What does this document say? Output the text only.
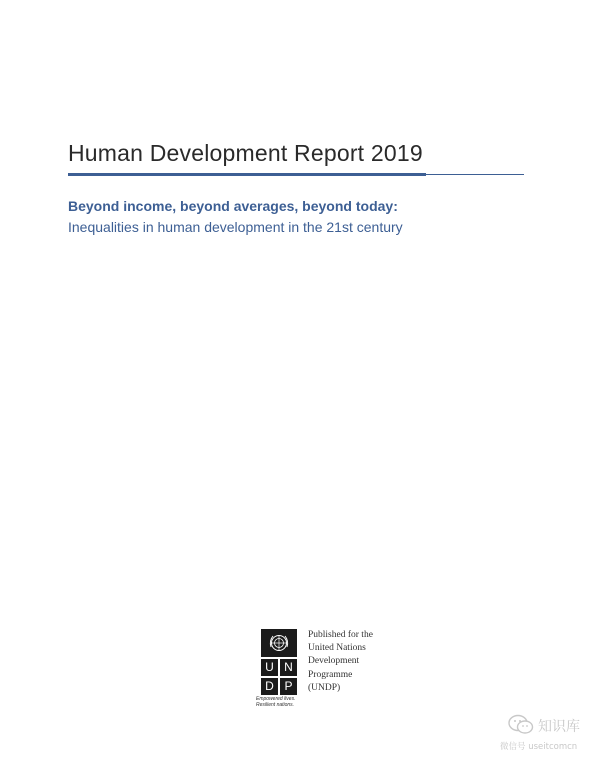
Human Development Report 2019
Beyond income, beyond averages, beyond today:
Inequalities in human development in the 21st century
U N
D P
Empowered lives.
Resilient nations.
Published for the
United Nations
Development
Programme
(UNDP)
知识库
微信号 useitcomcn
